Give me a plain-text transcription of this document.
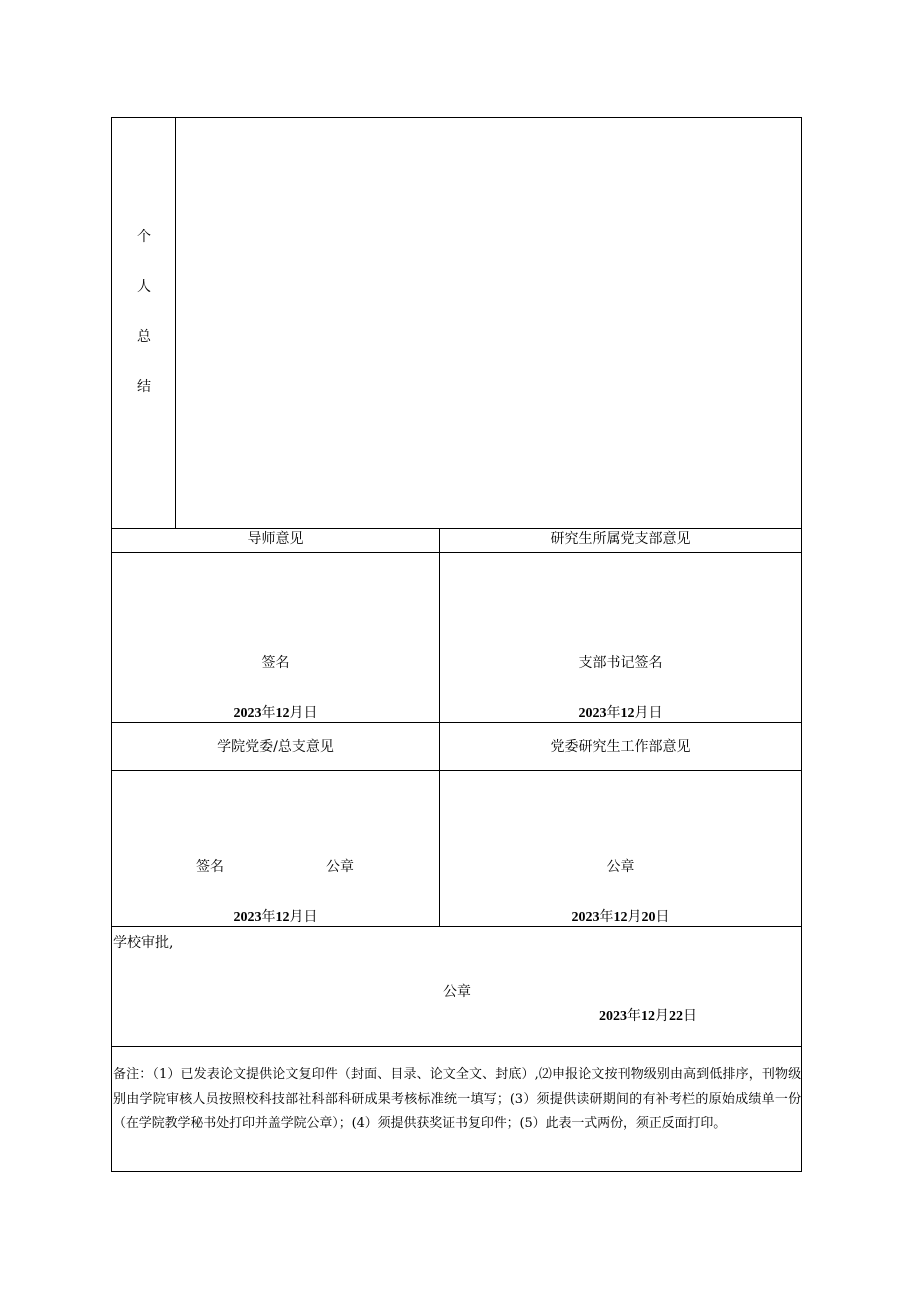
个
人
总
结
导师意见
签名
2023年12月日
研究生所属党支部意见
支部书记签名
2023年12月日
学院党委/总支意见
签名	公章
2023年12月日
党委研究生工作部意见
公章
2023年12月20日
学校审批,
公章
2023年12月22日
备注：（1）已发表论文提供论文复印件（封面、目录、论文全文、封底）,⑵申报论文按刊物级别由高到低排序，刊物级别由学院审核人员按照校科技部社科部科研成果考核标准统一填写；(3）须提供读研期间的有补考栏的原始成绩单一份（在学院教学秘书处打印并盖学院公章）；(4）须提供获奖证书复印件；(5）此表一式两份，须正反面打印。
